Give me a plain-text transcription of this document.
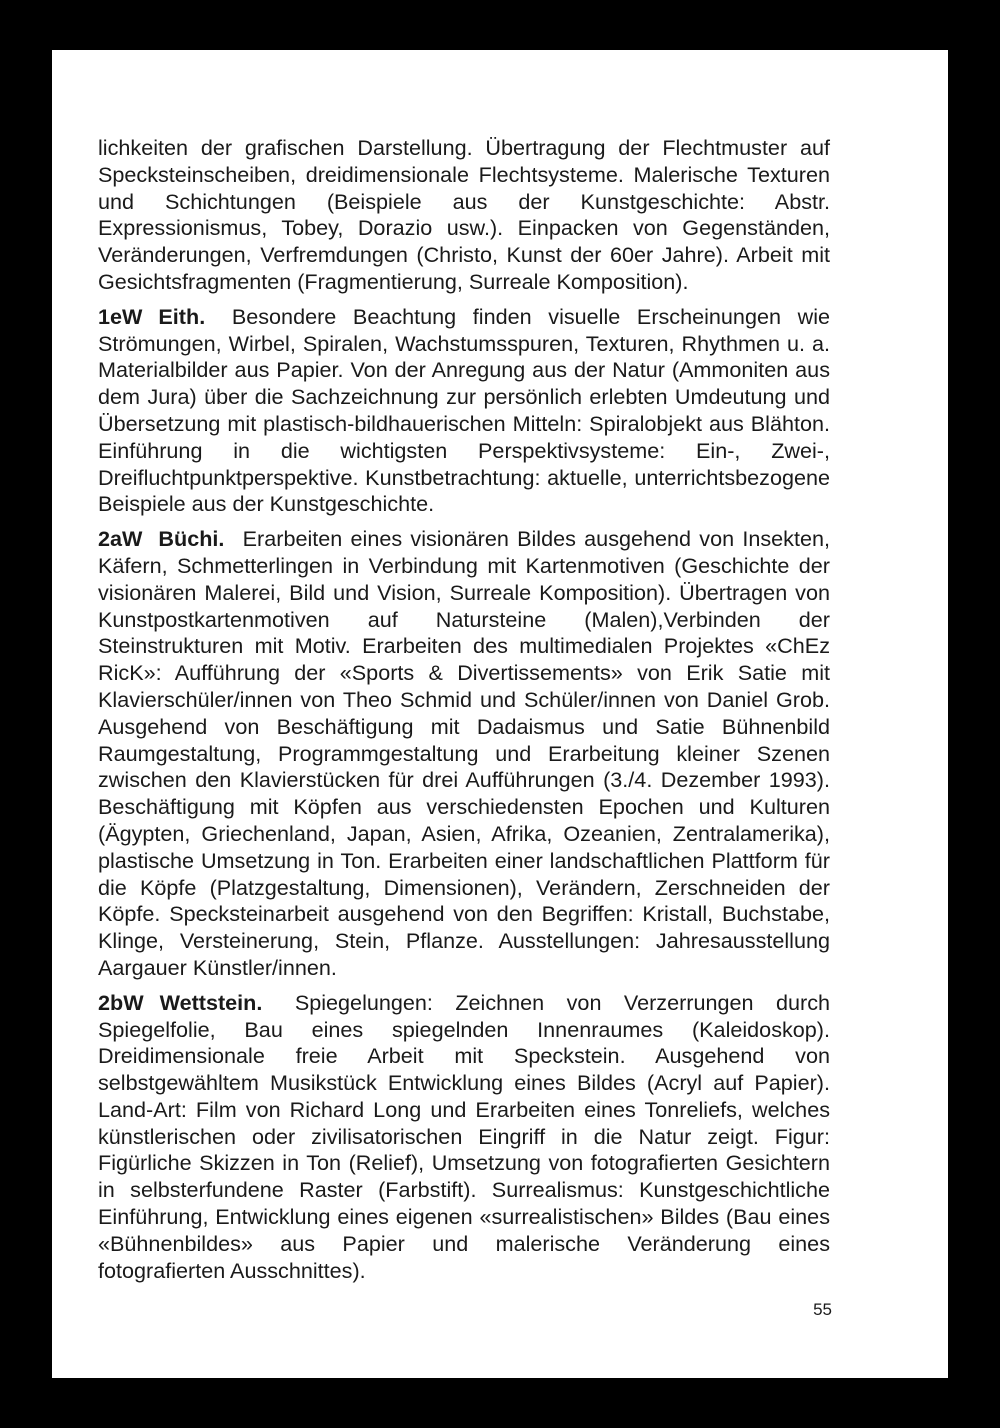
lichkeiten der grafischen Darstellung. Übertragung der Flechtmuster auf Specksteinscheiben, dreidimensionale Flechtsysteme. Malerische Texturen und Schichtungen (Beispiele aus der Kunstgeschichte: Abstr. Expressionismus, Tobey, Dorazio usw.). Einpacken von Gegenständen, Veränderungen, Verfremdungen (Christo, Kunst der 60er Jahre). Arbeit mit Gesichtsfragmenten (Fragmentierung, Surreale Komposition).

1eW Eith. Besondere Beachtung finden visuelle Erscheinungen wie Strömungen, Wirbel, Spiralen, Wachstumsspuren, Texturen, Rhythmen u. a. Materialbilder aus Papier. Von der Anregung aus der Natur (Ammoniten aus dem Jura) über die Sachzeichnung zur persönlich erlebten Umdeutung und Übersetzung mit plastisch-bildhauerischen Mitteln: Spiralobjekt aus Blähton. Einführung in die wichtigsten Perspektivsysteme: Ein-, Zwei-, Dreifluchtpunktperspektive. Kunstbetrachtung: aktuelle, unterrichtsbezogene Beispiele aus der Kunstgeschichte.

2aW Büchi. Erarbeiten eines visionären Bildes ausgehend von Insekten, Käfern, Schmetterlingen in Verbindung mit Kartenmotiven (Geschichte der visionären Malerei, Bild und Vision, Surreale Komposition). Übertragen von Kunstpostkartenmotiven auf Natursteine (Malen),Verbinden der Steinstrukturen mit Motiv. Erarbeiten des multimedialen Projektes «ChEz RicK»: Aufführung der «Sports & Divertissements» von Erik Satie mit Klavierschüler/innen von Theo Schmid und Schüler/innen von Daniel Grob. Ausgehend von Beschäftigung mit Dadaismus und Satie Bühnenbild Raumgestaltung, Programmgestaltung und Erarbeitung kleiner Szenen zwischen den Klavierstücken für drei Aufführungen (3./4. Dezember 1993). Beschäftigung mit Köpfen aus verschiedensten Epochen und Kulturen (Ägypten, Griechenland, Japan, Asien, Afrika, Ozeanien, Zentralamerika), plastische Umsetzung in Ton. Erarbeiten einer landschaftlichen Plattform für die Köpfe (Platzgestaltung, Dimensionen), Verändern, Zerschneiden der Köpfe. Specksteinarbeit ausgehend von den Begriffen: Kristall, Buchstabe, Klinge, Versteinerung, Stein, Pflanze. Ausstellungen: Jahresausstellung Aargauer Künstler/innen.

2bW Wettstein. Spiegelungen: Zeichnen von Verzerrungen durch Spiegelfolie, Bau eines spiegelnden Innenraumes (Kaleidoskop). Dreidimensionale freie Arbeit mit Speckstein. Ausgehend von selbstgewähltem Musikstück Entwicklung eines Bildes (Acryl auf Papier). Land-Art: Film von Richard Long und Erarbeiten eines Tonreliefs, welches künstlerischen oder zivilisatorischen Eingriff in die Natur zeigt. Figur: Figürliche Skizzen in Ton (Relief), Umsetzung von fotografierten Gesichtern in selbsterfundene Raster (Farbstift). Surrealismus: Kunstgeschichtliche Einführung, Entwicklung eines eigenen «surrealistischen» Bildes (Bau eines «Bühnenbildes» aus Papier und malerische Veränderung eines fotografierten Ausschnittes).

55
